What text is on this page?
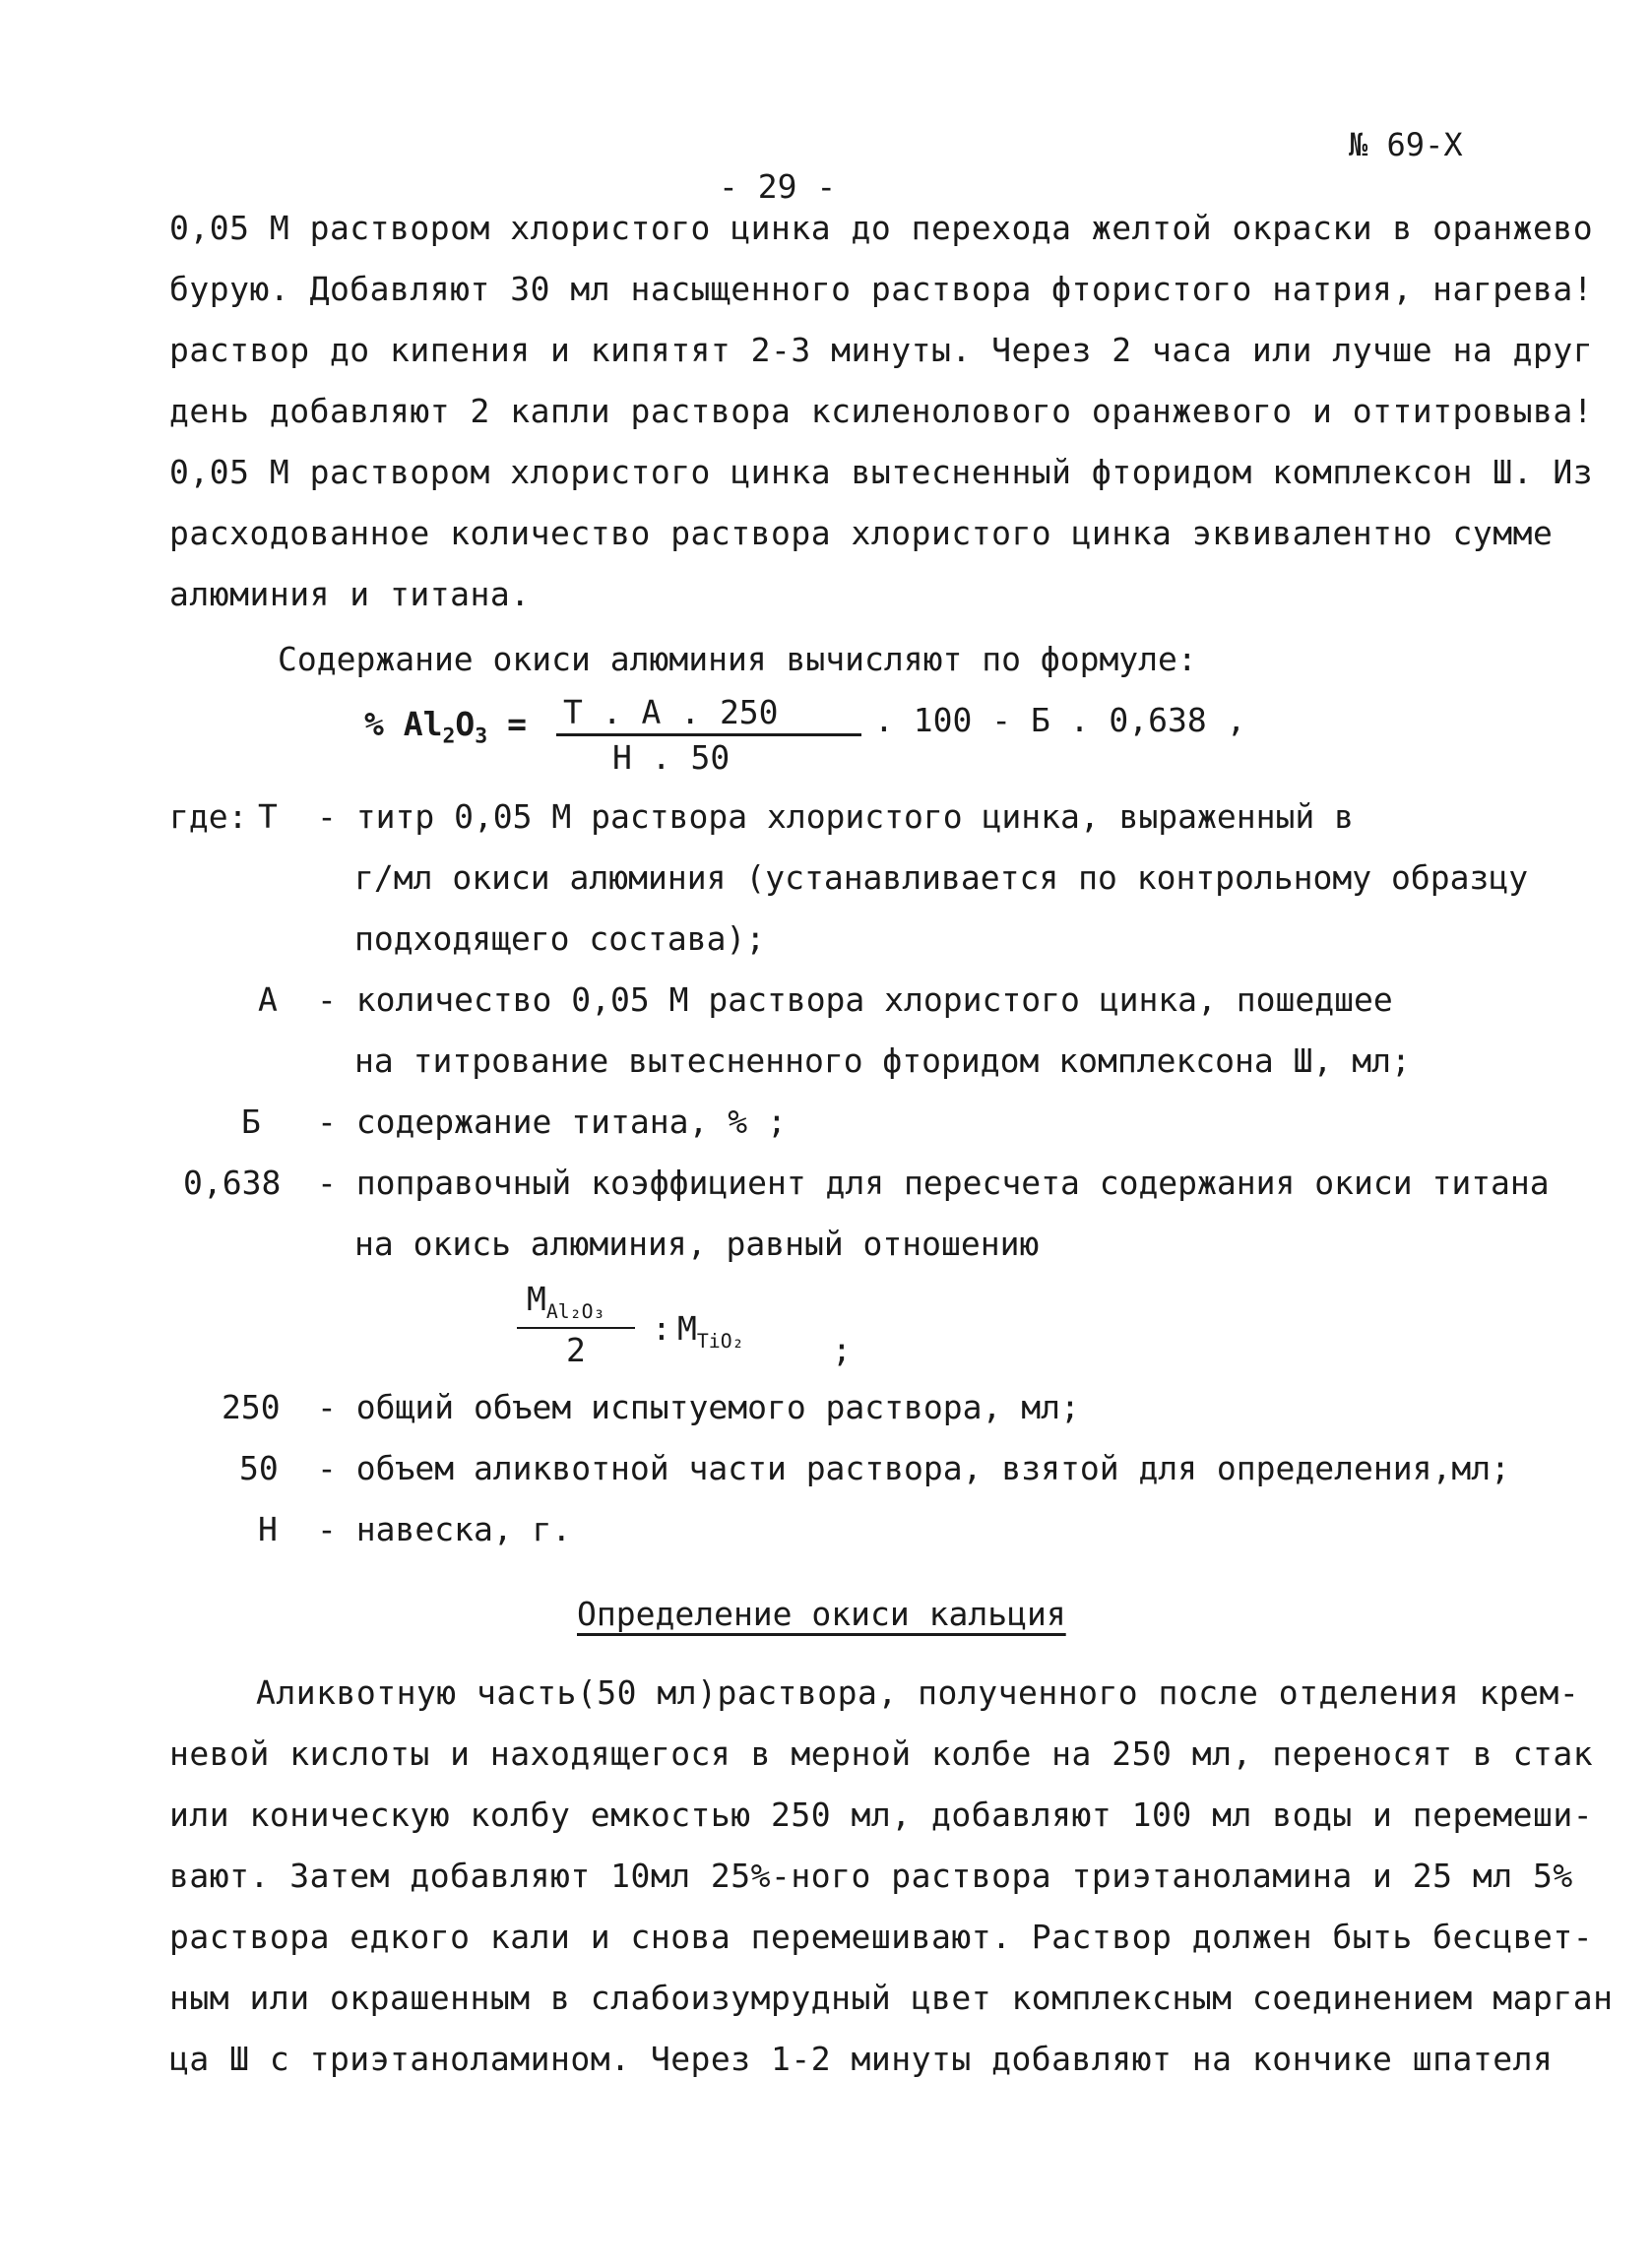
№ 69-Х
- 29 -
0,05 М раствором хлористого цинка до перехода желтой окраски в оранжево
бурую. Добавляют 30 мл насыщенного раствора фтористого натрия, нагрева!
раствор до кипения и кипятят 2-3 минуты. Через 2 часа или лучше на друг
день добавляют 2 капли раствора ксиленолового оранжевого и оттитровыва!
0,05 М раствором хлористого цинка вытесненный фторидом комплексон Ш. Из
расходованное количество раствора хлористого цинка эквивалентно сумме
алюминия и титана.
Содержание окиси алюминия вычисляют по формуле:
% $Al_2O_3 = Т$ . А . 250
Н . 50
. 100 - Б . 0,638 ,
где: Т - титр 0,05 М раствора хлористого цинка, выраженный в
г/мл окиси алюминия (устанавливается по контрольному образцу
подходящего состава);
А - количество 0,05 М раствора хлористого цинка, пошедшее
на титрование вытесненного фторидом комплексона Ш, мл;
Б - содержание титана, % ;
0,638 - поправочный коэффициент для пересчета содержания окиси титана
на окись алюминия, равный отношению
$М_{Al_2O_3}$
2
: $М_{TiO_2}$	;
250 - общий объем испытуемого раствора, мл;
50 - объем аликвотной части раствора, взятой для определения,мл;
Н - навеска, г.
Определение окиси кальция
Аликвотную часть(50 мл)раствора, полученного после отделения крем-
невой кислоты и находящегося в мерной колбе на 250 мл, переносят в стак
или коническую колбу емкостью 250 мл, добавляют 100 мл воды и перемеши-
вают. Затем добавляют 10мл 25%-ного раствора триэтаноламина и 25 мл 5%
раствора едкого кали и снова перемешивают. Раствор должен быть бесцвет-
ным или окрашенным в слабоизумрудный цвет комплексным соединением марган
ца Ш с триэтаноламином. Через 1-2 минуты добавляют на кончике шпателя
